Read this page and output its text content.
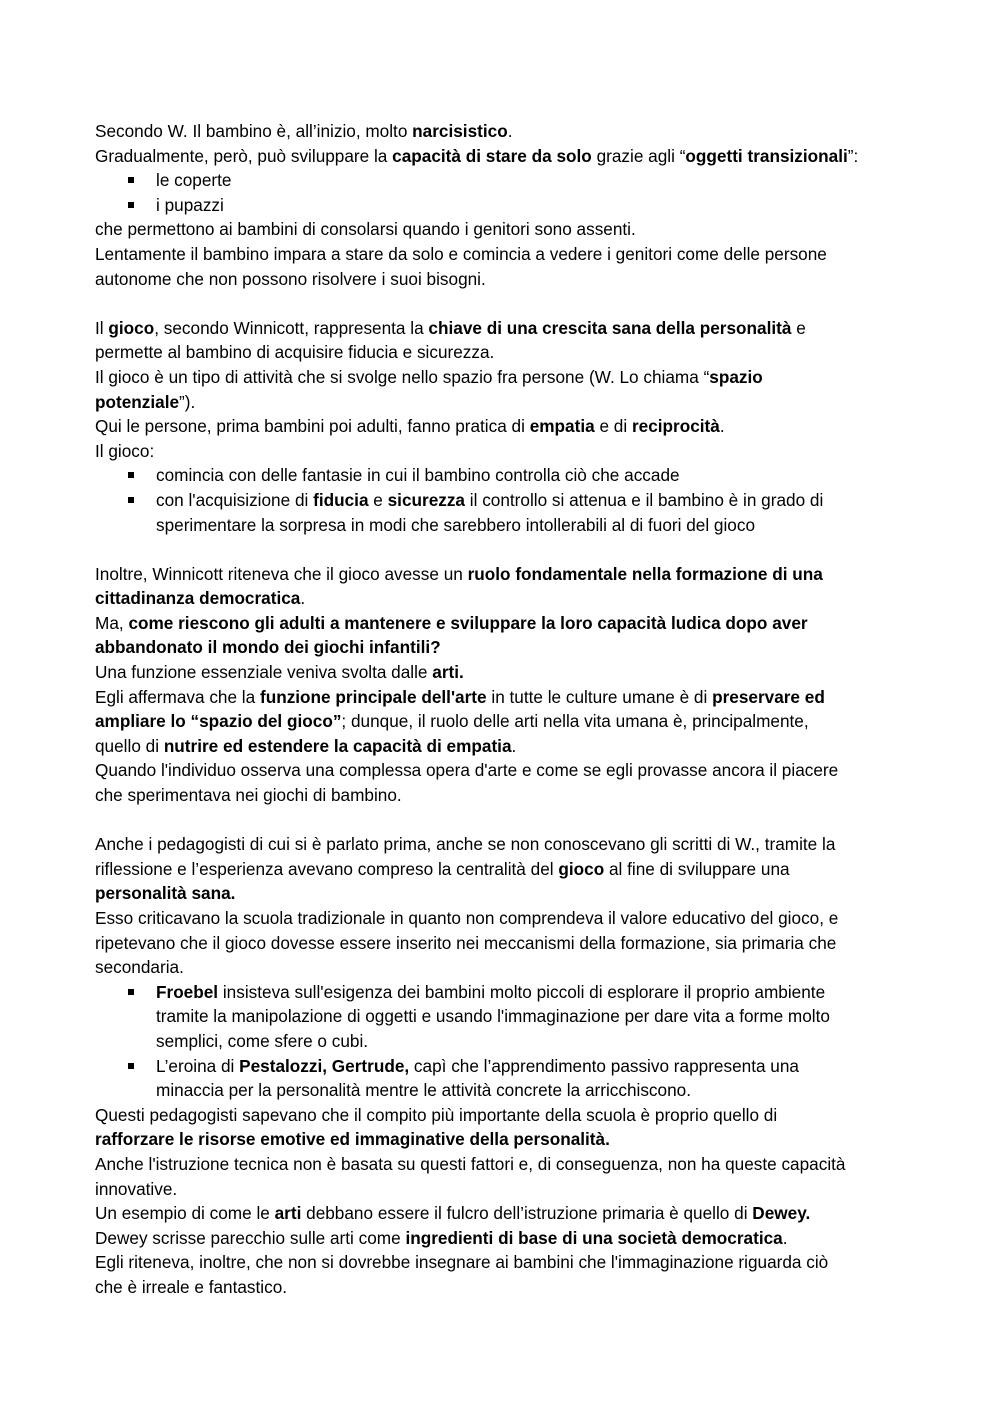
Secondo W. Il bambino è, all’inizio, molto narcisistico.

Gradualmente, però, può sviluppare la capacità di stare da solo grazie agli “oggetti transizionali”:

le coperte

i pupazzi

che permettono ai bambini di consolarsi quando i genitori sono assenti.

Lentamente il bambino impara a stare da solo e comincia a vedere i genitori come delle persone

autonome che non possono risolvere i suoi bisogni.

Il gioco, secondo Winnicott, rappresenta la chiave di una crescita sana della personalità e

permette al bambino di acquisire fiducia e sicurezza.

Il gioco è un tipo di attività che si svolge nello spazio fra persone (W. Lo chiama “spazio

potenziale”).

Qui le persone, prima bambini poi adulti, fanno pratica di empatia e di reciprocità.

Il gioco:

comincia con delle fantasie in cui il bambino controlla ciò che accade

con l'acquisizione di fiducia e sicurezza il controllo si attenua e il bambino è in grado di

sperimentare la sorpresa in modi che sarebbero intollerabili al di fuori del gioco

Inoltre, Winnicott riteneva che il gioco avesse un ruolo fondamentale nella formazione di una

cittadinanza democratica.

Ma, come riescono gli adulti a mantenere e sviluppare la loro capacità ludica dopo aver

abbandonato il mondo dei giochi infantili?

Una funzione essenziale veniva svolta dalle arti.

Egli affermava che la funzione principale dell'arte in tutte le culture umane è di preservare ed

ampliare lo “spazio del gioco”; dunque, il ruolo delle arti nella vita umana è, principalmente,

quello di nutrire ed estendere la capacità di empatia.

Quando l'individuo osserva una complessa opera d'arte e come se egli provasse ancora il piacere

che sperimentava nei giochi di bambino.

Anche i pedagogisti di cui si è parlato prima, anche se non conoscevano gli scritti di W., tramite la

riflessione e l’esperienza avevano compreso la centralità del gioco al fine di sviluppare una

personalità sana.

Esso criticavano la scuola tradizionale in quanto non comprendeva il valore educativo del gioco, e

ripetevano che il gioco dovesse essere inserito nei meccanismi della formazione, sia primaria che

secondaria.

Froebel insisteva sull'esigenza dei bambini molto piccoli di esplorare il proprio ambiente

tramite la manipolazione di oggetti e usando l'immaginazione per dare vita a forme molto

semplici, come sfere o cubi.

L’eroina di Pestalozzi, Gertrude, capì che l’apprendimento passivo rappresenta una

minaccia per la personalità mentre le attività concrete la arricchiscono.

Questi pedagogisti sapevano che il compito più importante della scuola è proprio quello di

rafforzare le risorse emotive ed immaginative della personalità.

Anche l'istruzione tecnica non è basata su questi fattori e, di conseguenza, non ha queste capacità

innovative.

Un esempio di come le arti debbano essere il fulcro dell’istruzione primaria è quello di Dewey.

Dewey scrisse parecchio sulle arti come ingredienti di base di una società democratica.

Egli riteneva, inoltre, che non si dovrebbe insegnare ai bambini che l'immaginazione riguarda ciò

che è irreale e fantastico.
